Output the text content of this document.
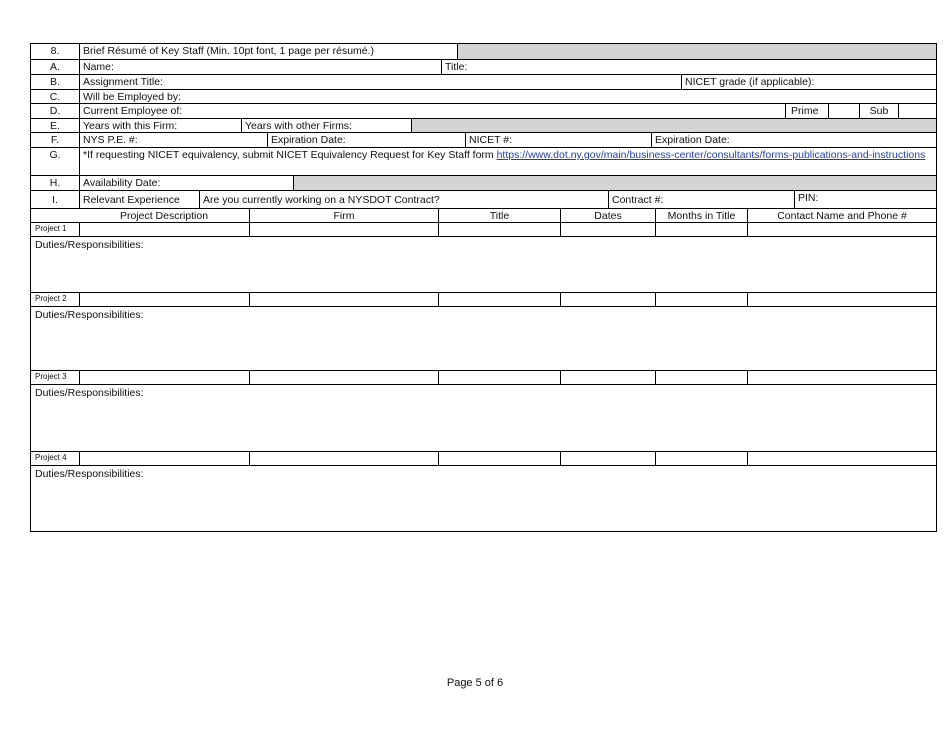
8.	Brief Résumé of Key Staff (Min. 10pt font, 1 page per résumé.)
A.	Name:	Title:
B.	Assignment Title:	NICET grade (if applicable):
C.	Will be Employed by:
D.	Current Employee of:	Prime	Sub
E.	Years with this Firm:	Years with other Firms:
F.	NYS P.E. #:	Expiration Date:	NICET #:	Expiration Date:
G.	*If requesting NICET equivalency, submit NICET Equivalency Request for Key Staff form https://www.dot.ny.gov/main/business-center/consultants/forms-publications-and-instructions
H.	Availability Date:
I.	Relevant Experience	Are you currently working on a NYSDOT Contract?	Contract #:	PIN:
Project Description	Firm	Title	Dates	Months in Title	Contact Name and Phone #
Project 1
Duties/Responsibilities:
Project 2
Duties/Responsibilities:
Project 3
Duties/Responsibilities:
Project 4
Duties/Responsibilities:
Page 5 of 6
